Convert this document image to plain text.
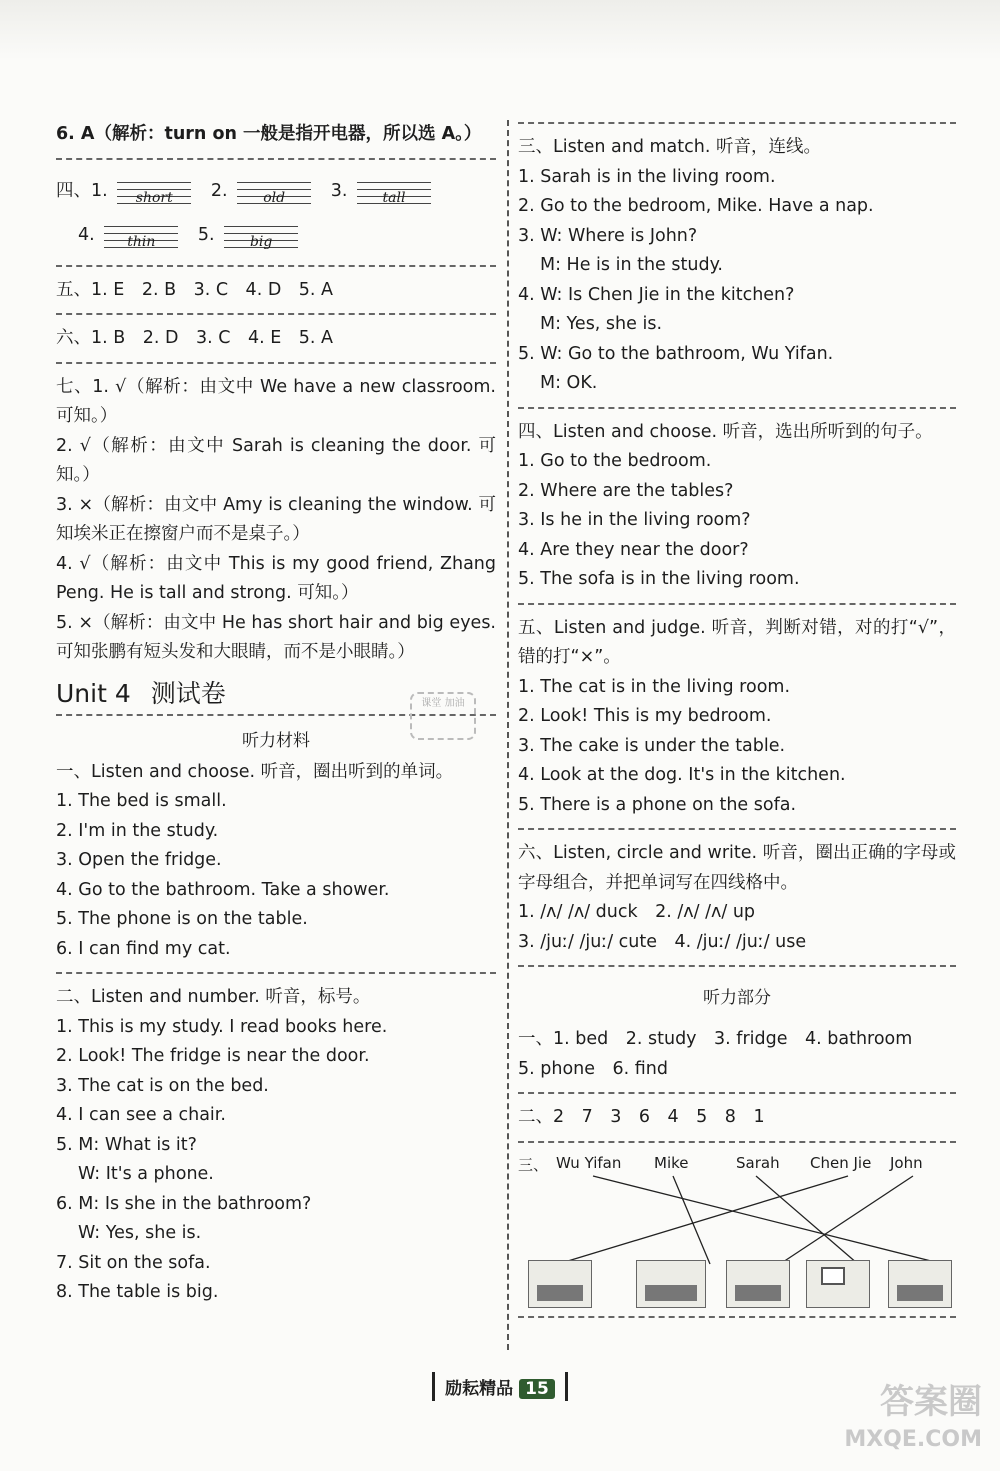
6. A（解析：turn on 一般是指开电器，所以选 A。）
四、1.	short	2.	old	3.	tall
4.	thin	5.	big
五、1. E　2. B　3. C　4. D　5. A
六、1. B　2. D　3. C　4. E　5. A
七、1. √（解析：由文中 We have a new classroom. 可知。）
2. √（解析：由文中 Sarah is cleaning the door. 可知。）
3. ×（解析：由文中 Amy is cleaning the window. 可知埃米正在擦窗户而不是桌子。）
4. √（解析：由文中 This is my good friend, Zhang Peng. He is tall and strong. 可知。）
5. ×（解析：由文中 He has short hair and big eyes. 可知张鹏有短头发和大眼睛，而不是小眼睛。）
Unit 4 测试卷
听力材料
一、Listen and choose. 听音，圈出听到的单词。
1. The bed is small.
2. I'm in the study.
3. Open the fridge.
4. Go to the bathroom. Take a shower.
5. The phone is on the table.
6. I can find my cat.
二、Listen and number. 听音，标号。
1. This is my study. I read books here.
2. Look! The fridge is near the door.
3. The cat is on the bed.
4. I can see a chair.
5. M: What is it?
W: It's a phone.
6. M: Is she in the bathroom?
W: Yes, she is.
7. Sit on the sofa.
8. The table is big.
课堂 加油
三、Listen and match. 听音，连线。
1. Sarah is in the living room.
2. Go to the bedroom, Mike. Have a nap.
3. W: Where is John?
M: He is in the study.
4. W: Is Chen Jie in the kitchen?
M: Yes, she is.
5. W: Go to the bathroom, Wu Yifan.
M: OK.
四、Listen and choose. 听音，选出所听到的句子。
1. Go to the bedroom.
2. Where are the tables?
3. Is he in the living room?
4. Are they near the door?
5. The sofa is in the living room.
五、Listen and judge. 听音，判断对错，对的打“√”，错的打“×”。
1. The cat is in the living room.
2. Look! This is my bedroom.
3. The cake is under the table.
4. Look at the dog. It's in the kitchen.
5. There is a phone on the sofa.
六、Listen, circle and write. 听音，圈出正确的字母或字母组合，并把单词写在四线格中。
1. /ʌ/ /ʌ/ duck　2. /ʌ/ /ʌ/ up
3. /juː/ /juː/ cute　4. /juː/ /juː/ use
听力部分
一、1. bed　2. study　3. fridge　4. bathroom
5. phone　6. find
二、2　7　3　6　4　5　8　1
三、 Wu Yifan Mike	Sarah Chen Jie John
励耘精品 15	答案圈
MXQE.COM
